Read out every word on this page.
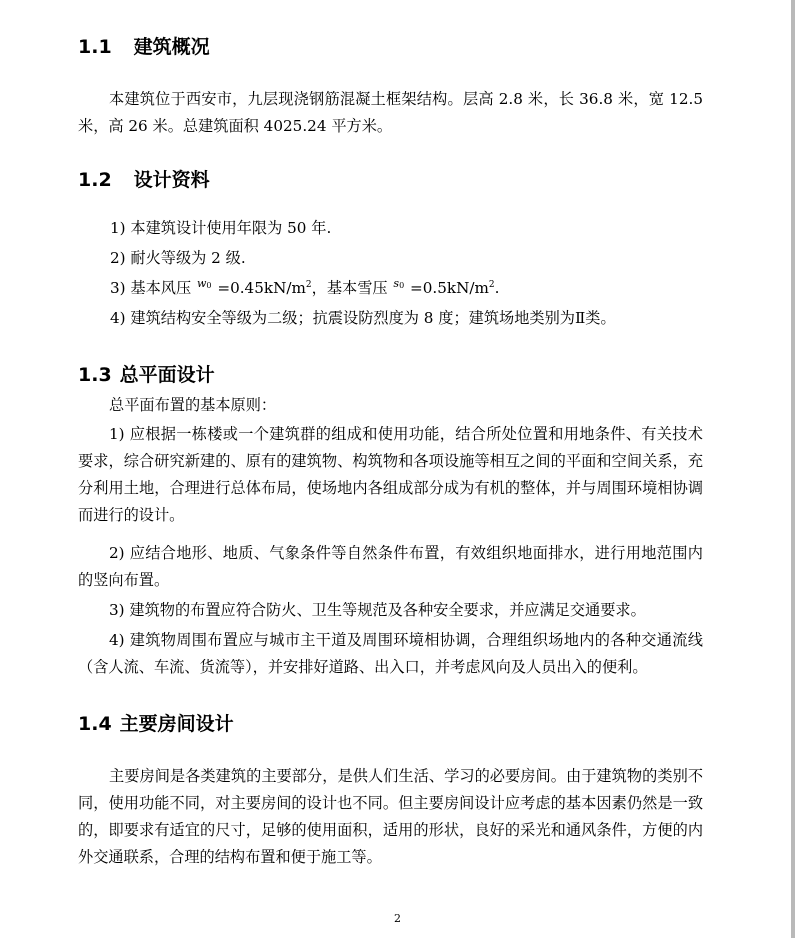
1.1 建筑概况

本建筑位于西安市，九层现浇钢筋混凝土框架结构。层高 2.8 米，长 36.8 米，宽 12.5 米，高 26 米。总建筑面积 4025.24 平方米。

1.2 设计资料

1) 本建筑设计使用年限为 50 年.

2) 耐火等级为 2 级.

3) 基本风压 $^{w_0} =0.45kN/m^2$，基本雪压 $^{s_0} =0.5kN/m^2$.

4) 建筑结构安全等级为二级；抗震设防烈度为 8 度；建筑场地类别为Ⅱ类。

1.3 总平面设计

总平面布置的基本原则：

1) 应根据一栋楼或一个建筑群的组成和使用功能，结合所处位置和用地条件、有关技术要求，综合研究新建的、原有的建筑物、构筑物和各项设施等相互之间的平面和空间关系，充分利用土地，合理进行总体布局，使场地内各组成部分成为有机的整体，并与周围环境相协调而进行的设计。

2) 应结合地形、地质、气象条件等自然条件布置，有效组织地面排水，进行用地范围内的竖向布置。

3) 建筑物的布置应符合防火、卫生等规范及各种安全要求，并应满足交通要求。

4) 建筑物周围布置应与城市主干道及周围环境相协调，合理组织场地内的各种交通流线（含人流、车流、货流等），并安排好道路、出入口，并考虑风向及人员出入的便利。

1.4 主要房间设计

主要房间是各类建筑的主要部分，是供人们生活、学习的必要房间。由于建筑物的类别不同，使用功能不同，对主要房间的设计也不同。但主要房间设计应考虑的基本因素仍然是一致的，即要求有适宜的尺寸，足够的使用面积，适用的形状，良好的采光和通风条件，方便的内外交通联系，合理的结构布置和便于施工等。

2
